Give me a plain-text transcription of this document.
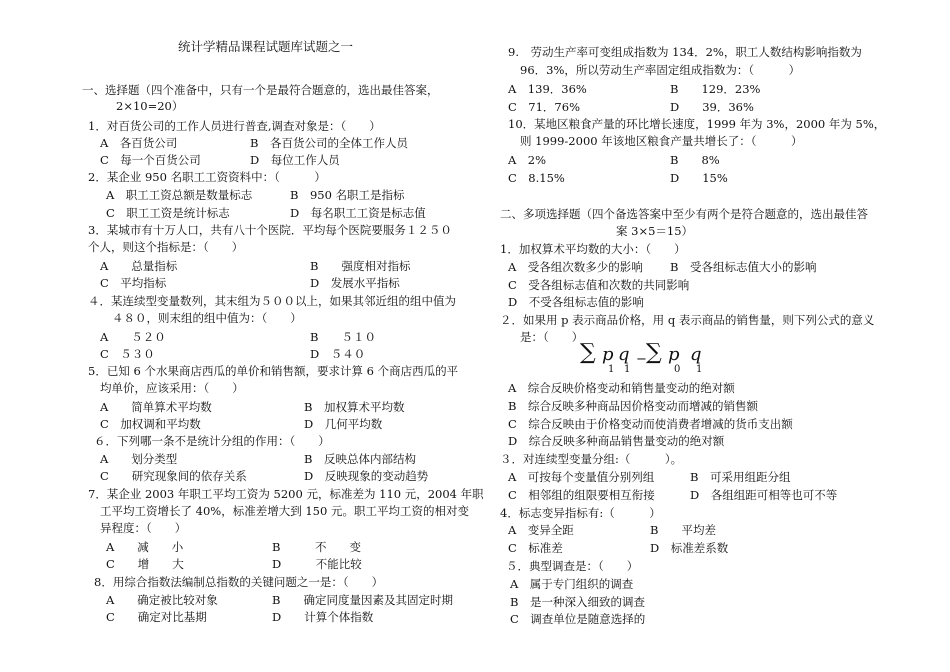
统计学精品课程试题库试题之一
一、选择题（四个准备中，只有一个是最符合题意的，选出最佳答案，
2×10=20）
1．对百货公司的工作人员进行普查,调查对象是：（　　）
A　各百货公司	B　各百货公司的全体工作人员
C　每一个百货公司	D　每位工作人员
2．某企业 950 名职工工资资料中：（　　　）
A　职工工资总额是数量标志	B　950 名职工是指标
C　职工工资是统计标志	D　每名职工工资是标志值
3．某城市有十万人口，共有八十个医院．平均每个医院要服务１２５０
个人，则这个指标是：（　　）
A　　总量指标	B　　强度相对指标
C　平均指标	D　发展水平指标
４．某连续型变量数列，其末组为５００以上，如果其邻近组的组中值为
４８０，则末组的组中值为：（　　）
A　　５２０	B　　５１０
C　５３０	D　５４０
5．已知 6 个水果商店西瓜的单价和销售额，要求计算 6 个商店西瓜的平
均单价，应该采用：（　　）
A　　简单算术平均数	B　加权算术平均数
C　加权调和平均数	D　几何平均数
６．下列哪一条不是统计分组的作用：（　　）
A　　划分类型	B　反映总体内部结构
C　　研究现象间的依存关系	D　反映现象的变动趋势
7．某企业 2003 年职工平均工资为 5200 元，标准差为 110 元，2004 年职
工平均工资增长了 40%，标准差增大到 150 元。职工平均工资的相对变
异程度：（　　）
A　　减　　小	B　　　不　　变
C　　增　　大	D　　　不能比较
8．用综合指数法编制总指数的关键问题之一是：（　　）
A　　确定被比较对象	B　　确定同度量因素及其固定时期
C　　确定对比基期	D　　计算个体指数
9.　劳动生产率可变组成指数为 134．2%，职工人数结构影响指数为
96．3%，所以劳动生产率固定组成指数为：（　　　）
A　139．36%	B　　129．23%
C　71．76%	D　　39．36%
10．某地区粮食产量的环比增长速度，1999 年为 3%，2000 年为 5%，
则 1999-2000 年该地区粮食产量共增长了：（　　　）
A　2%	B　　8%
C　8.15%	D　　15%
二、多项选择题（四个备选答案中至少有两个是符合题意的，选出最佳答
案 3×5＝15）
1．加权算术平均数的大小：（　　）
A　受各组次数多少的影响 B　受各组标志值大小的影响
C　受各组标志值和次数的共同影响
D　不受各组标志值的影响
２．如果用 p 表示商品价格，用 q 表示商品的销售量，则下列公式的意义
是：（　　）
∑ p q
1 1
− ∑ p q
0 1
A　综合反映价格变动和销售量变动的绝对额
B　综合反映多种商品因价格变动而增减的销售额
C　综合反映由于价格变动而使消费者增减的货币支出额
D　综合反映多种商品销售量变动的绝对额
３．对连续型变量分组:（　　　）。
A　可按每个变量值分别列组	B　可采用组距分组
C　相邻组的组限要相互衔接	D　各组组距可相等也可不等
4．标志变异指标有:（　　　）
A　变异全距	B　　平均差
C　标准差	D　标准差系数
５．典型调查是：（　　）
A　属于专门组织的调查
B　是一种深入细致的调查
C　调查单位是随意选择的
